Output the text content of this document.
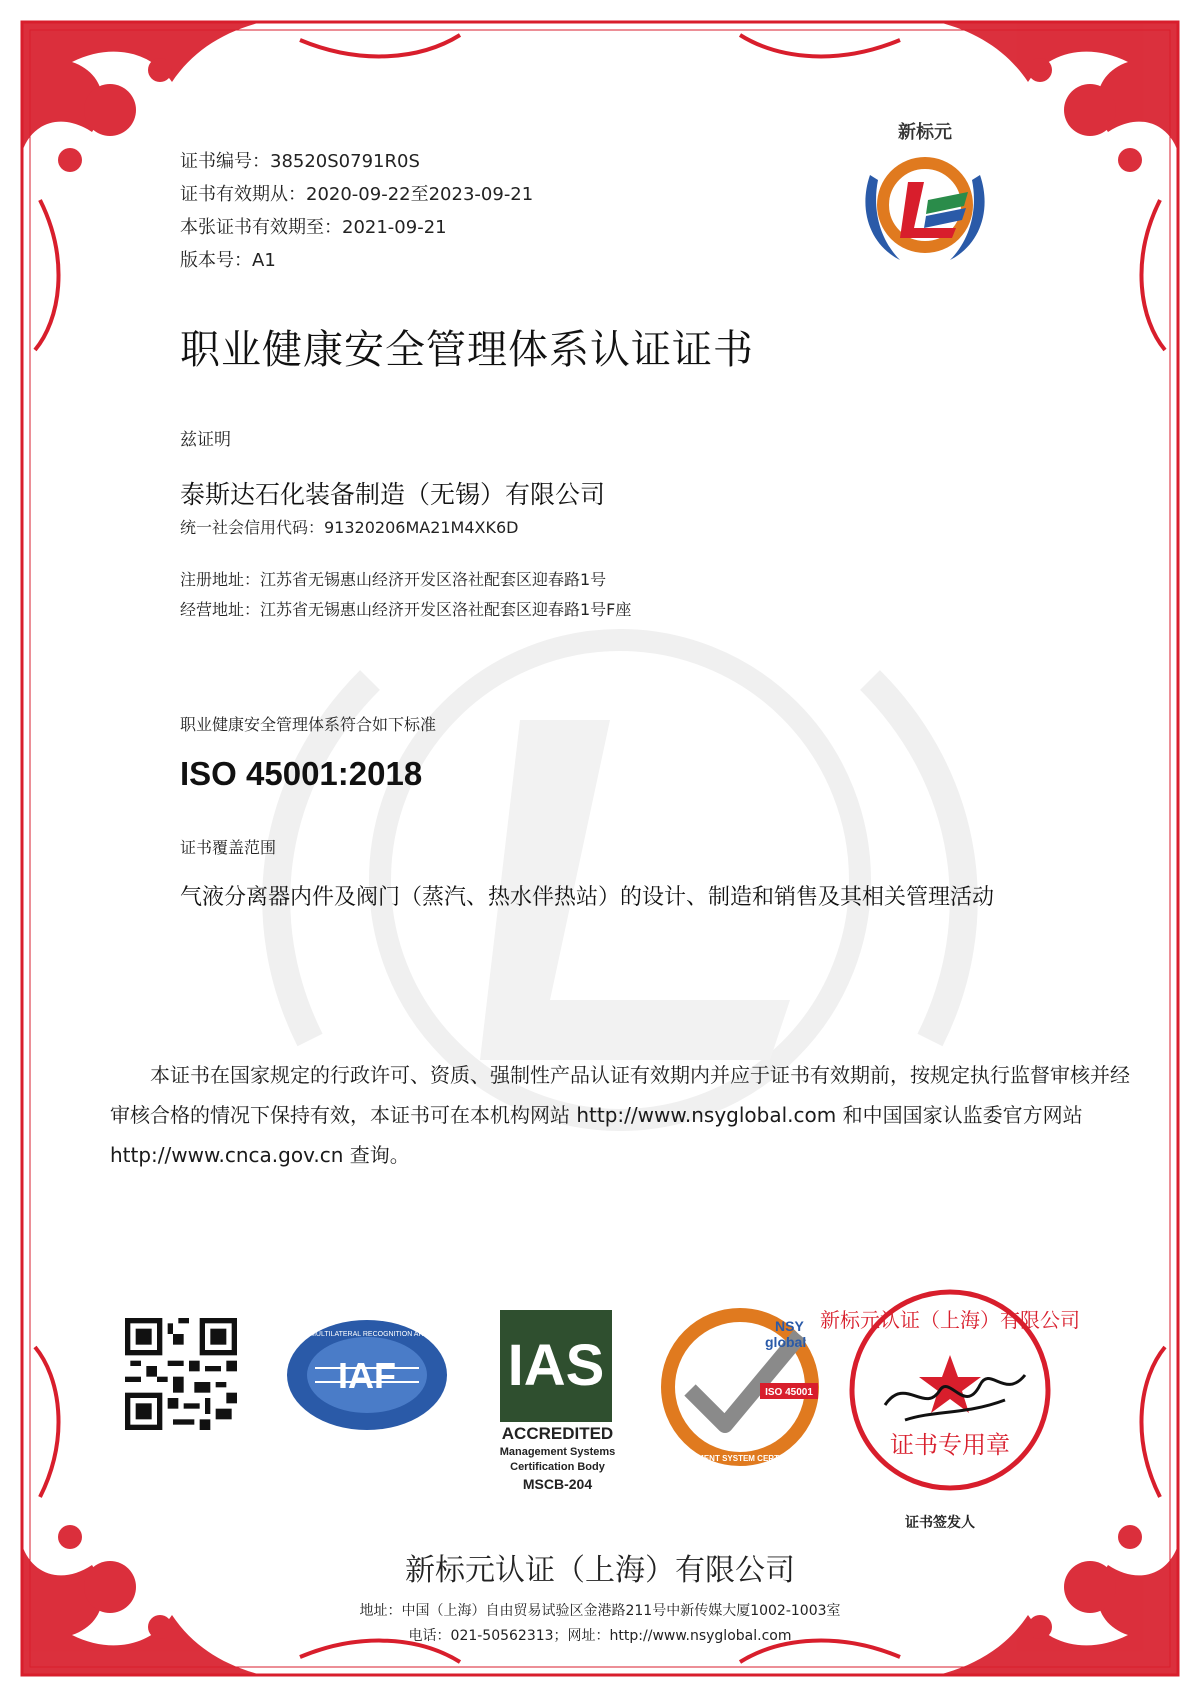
证书编号：38520S0791R0S
证书有效期从：2020-09-22至2023-09-21
本张证书有效期至：2021-09-21
版本号：A1
新标元
职业健康安全管理体系认证证书
兹证明
泰斯达石化装备制造（无锡）有限公司
统一社会信用代码：91320206MA21M4XK6D
注册地址：江苏省无锡惠山经济开发区洛社配套区迎春路1号
经营地址：江苏省无锡惠山经济开发区洛社配套区迎春路1号F座
职业健康安全管理体系符合如下标准
ISO 45001:2018
证书覆盖范围
气液分离器内件及阀门（蒸汽、热水伴热站）的设计、制造和销售及其相关管理活动
本证书在国家规定的行政许可、资质、强制性产品认证有效期内并应于证书有效期前，按规定执行监督审核并经审核合格的情况下保持有效，本证书可在本机构网站 http://www.nsyglobal.com 和中国国家认监委官方网站 http://www.cnca.gov.cn 查询。
IAF
MEMBER OF MULTILATERAL RECOGNITION ARRANGEMENT IAS
ACCREDITED
Management Systems
Certification Body
MSCB-204
NSY
global
ISO 45001
MANAGEMENT SYSTEM CERTIFICATION
新标元认证（上海）有限公司
证书专用章
证书签发人
新标元认证（上海）有限公司
地址：中国（上海）自由贸易试验区金港路211号中新传媒大厦1002-1003室
电话：021-50562313；网址：http://www.nsyglobal.com
